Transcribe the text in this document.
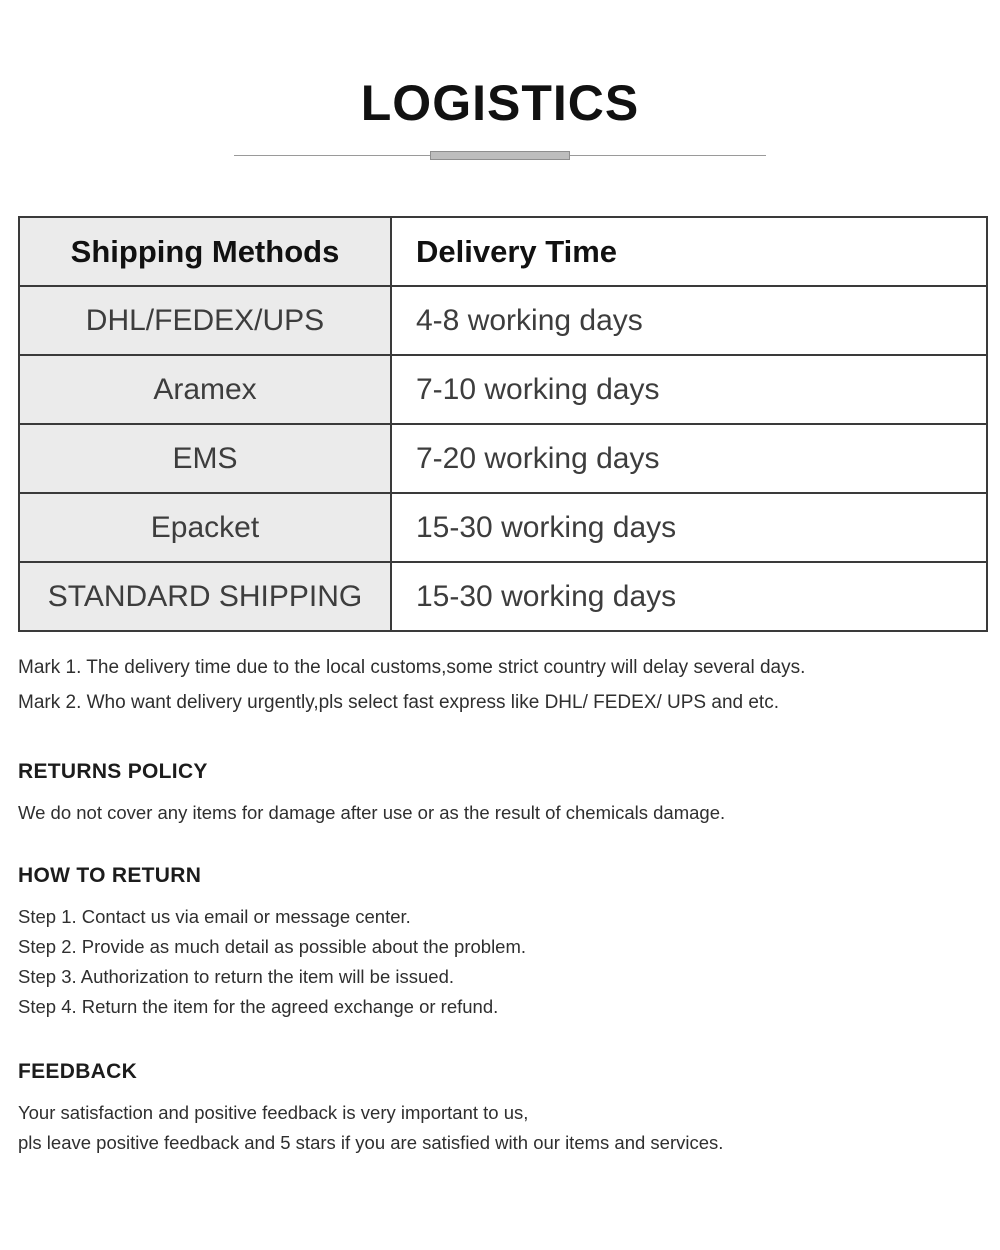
LOGISTICS
Shipping Methods	Delivery Time
DHL/FEDEX/UPS	4-8 working days
Aramex	7-10 working days
EMS	7-20 working days
Epacket	15-30 working days
STANDARD SHIPPING	15-30 working days

Mark 1. The delivery time due to the local customs,some strict country will delay several days.

Mark 2. Who want delivery urgently,pls select fast express like DHL/ FEDEX/ UPS and etc.

RETURNS POLICY

We do not cover any items for damage after use or as the result of chemicals damage.

HOW TO RETURN

Step 1. Contact us via email or message center.

Step 2. Provide as much detail as possible about the problem.

Step 3. Authorization to return the item will be issued.

Step 4. Return the item for the agreed exchange or refund.

FEEDBACK

Your satisfaction and positive feedback is very important to us,

pls leave positive feedback and 5 stars if you are satisfied with our items and services.
